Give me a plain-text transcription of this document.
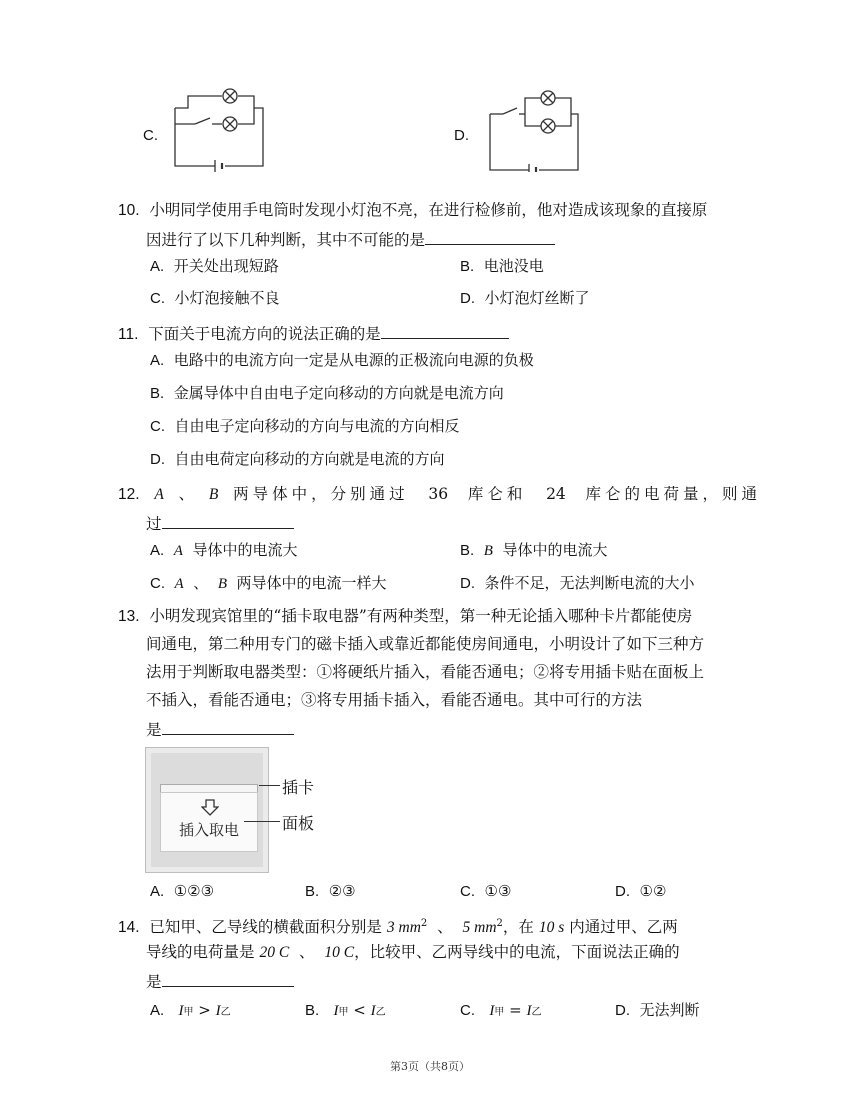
C.	D.
10. 小明同学使用手电筒时发现小灯泡不亮，在进行检修前，他对造成该现象的直接原
因进行了以下几种判断，其中不可能的是
A. 开关处出现短路	B. 电池没电
C. 小灯泡接触不良	D. 小灯泡灯丝断了
11. 下面关于电流方向的说法正确的是
A. 电路中的电流方向一定是从电源的正极流向电源的负极
B. 金属导体中自由电子定向移动的方向就是电流方向
C. 自由电子定向移动的方向与电流的方向相反
D. 自由电荷定向移动的方向就是电流的方向
12. A 、 B 两导体中，分别通过 36 库仑和 24 库仑的电荷量，则通
过
A. A 导体中的电流大	B. B 导体中的电流大
C. A 、 B 两导体中的电流一样大	D. 条件不足，无法判断电流的大小
13. 小明发现宾馆里的“插卡取电器”有两种类型，第一种无论插入哪种卡片都能使房
间通电，第二种用专门的磁卡插入或靠近都能使房间通电，小明设计了如下三种方
法用于判断取电器类型：①将硬纸片插入，看能否通电；②将专用插卡贴在面板上
不插入，看能否通电；③将专用插卡插入，看能否通电。其中可行的方法
是
插入取电
插卡
面板
A. ①②③	B. ②③	C. ①③	D. ①②
14. 已知甲、乙导线的横截面积分别是 3 $mm^2$ 、 5 $mm^2$，在 10 s 内通过甲、乙两
导线的电荷量是 20 C 、 10 C，比较甲、乙两导线中的电流，下面说法正确的
是
A. I甲 > I乙	B. I甲 < I乙	C. I甲 = I乙	D. 无法判断
第3页（共8页）
